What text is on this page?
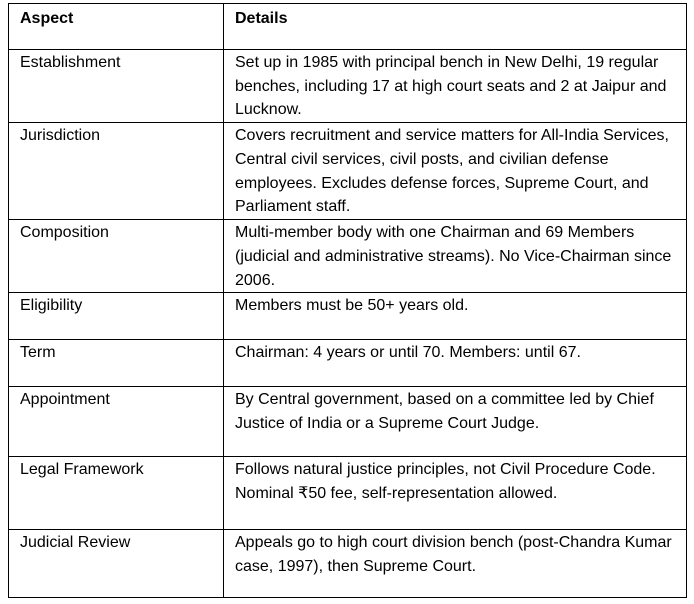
Aspect	Details
Establishment	Set up in 1985 with principal bench in New Delhi, 19 regular benches, including 17 at high court seats and 2 at Jaipur and Lucknow.
Jurisdiction	Covers recruitment and service matters for All-India Services, Central civil services, civil posts, and civilian defense employees. Excludes defense forces, Supreme Court, and Parliament staff.
Composition	Multi-member body with one Chairman and 69 Members (judicial and administrative streams). No Vice-Chairman since 2006.
Eligibility	Members must be 50+ years old.
Term	Chairman: 4 years or until 70. Members: until 67.
Appointment	By Central government, based on a committee led by Chief Justice of India or a Supreme Court Judge.
Legal Framework	Follows natural justice principles, not Civil Procedure Code. Nominal ₹50 fee, self-representation allowed.
Judicial Review	Appeals go to high court division bench (post-Chandra Kumar case, 1997), then Supreme Court.
